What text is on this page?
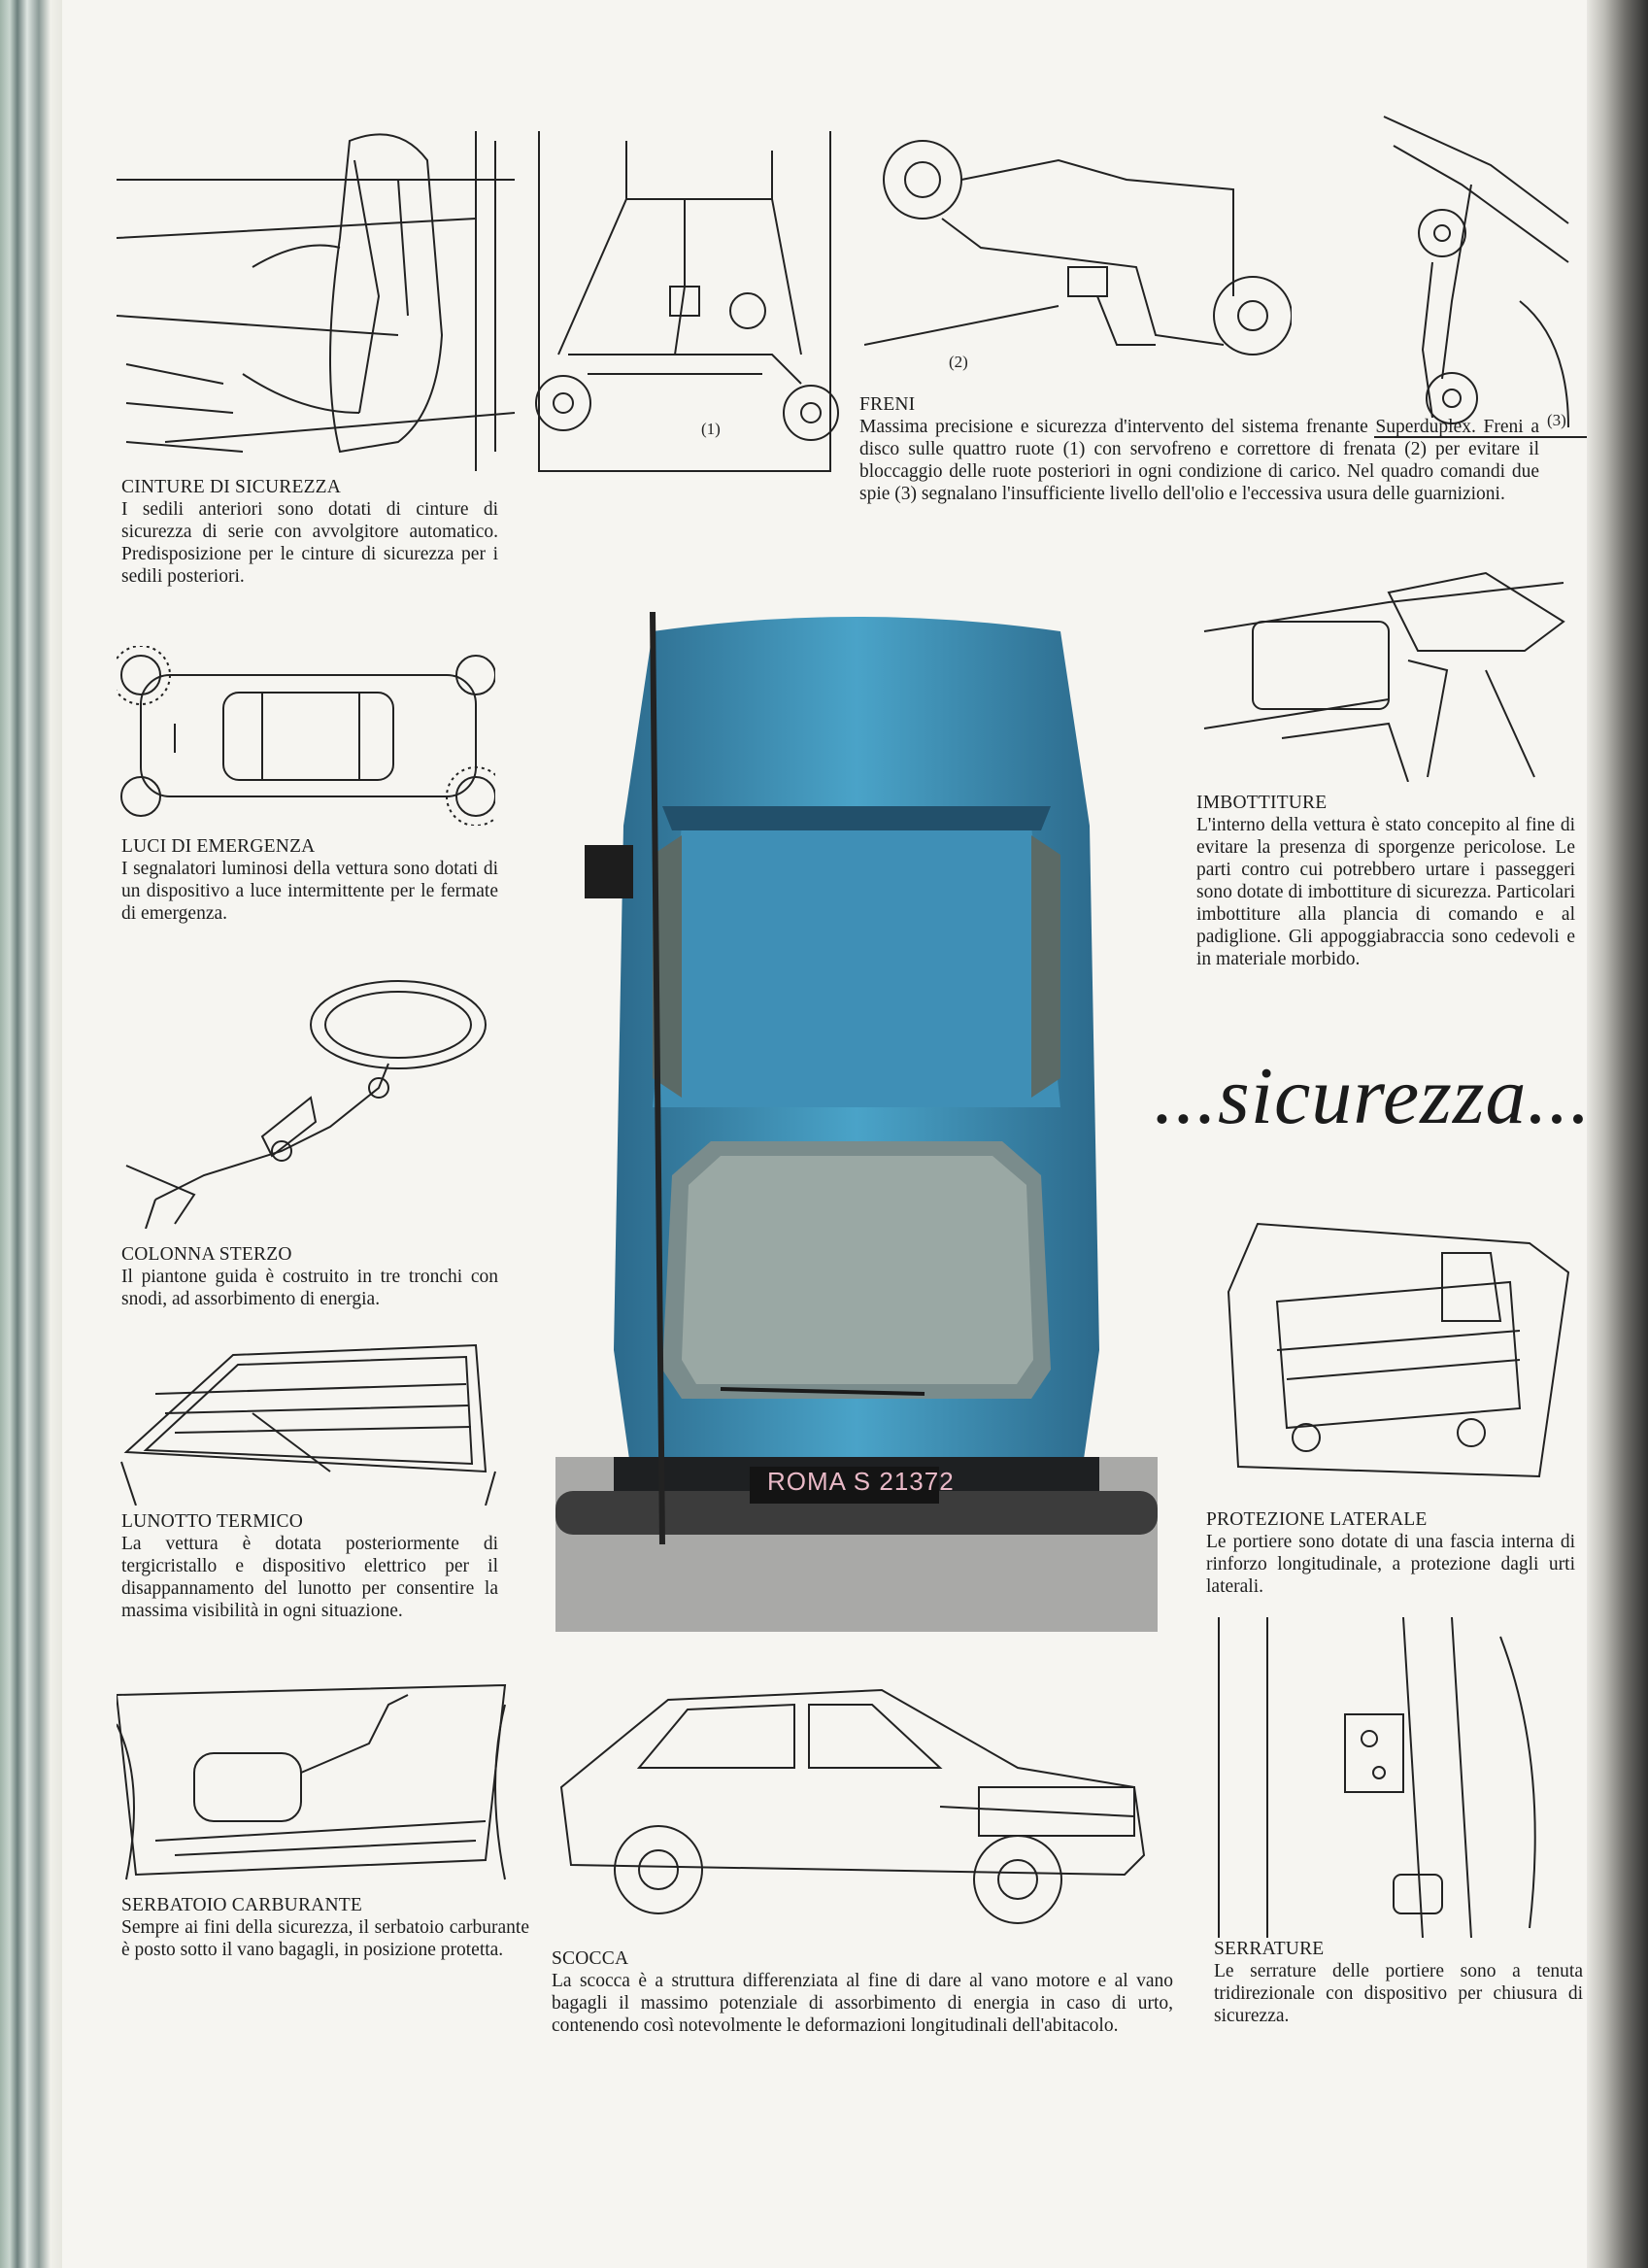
(1)
(2)
(3)
ROMA S 21372
...sicurezza...
CINTURE DI SICUREZZA

I sedili anteriori sono dotati di cinture di sicurezza di serie con avvolgitore automatico. Predisposizione per le cinture di sicurezza per i sedili posteriori.

FRENI

Massima precisione e sicurezza d'intervento del sistema frenante Superduplex. Freni a disco sulle quattro ruote (1) con servofreno e correttore di frenata (2) per evitare il bloccaggio delle ruote posteriori in ogni condizione di carico. Nel quadro comandi due spie (3) segnalano l'insufficiente livello dell'olio e l'eccessiva usura delle guarnizioni.

LUCI DI EMERGENZA

I segnalatori luminosi della vettura sono dotati di un dispositivo a luce intermittente per le fermate di emergenza.

IMBOTTITURE

L'interno della vettura è stato concepito al fine di evitare la presenza di sporgenze pericolose. Le parti contro cui potrebbero urtare i passeggeri sono dotate di imbottiture di sicurezza. Particolari imbottiture alla plancia di comando e al padiglione. Gli appoggiabraccia sono cedevoli e in materiale morbido.

COLONNA STERZO

Il piantone guida è costruito in tre tronchi con snodi, ad assorbimento di energia.

LUNOTTO TERMICO

La vettura è dotata posteriormente di tergicristallo e dispositivo elettrico per il disappannamento del lunotto per consentire la massima visibilità in ogni situazione.

PROTEZIONE LATERALE

Le portiere sono dotate di una fascia interna di rinforzo longitudinale, a protezione dagli urti laterali.

SERBATOIO CARBURANTE

Sempre ai fini della sicurezza, il serbatoio carburante è posto sotto il vano bagagli, in posizione protetta.	SCOCCA

La scocca è a struttura differenziata al fine di dare al vano motore e al vano bagagli il massimo potenziale di assorbimento di energia in caso di urto, contenendo così notevolmente le deformazioni longitudinali dell'abitacolo.

SERRATURE

Le serrature delle portiere sono a tenuta tridirezionale con dispositivo per chiusura di sicurezza.
